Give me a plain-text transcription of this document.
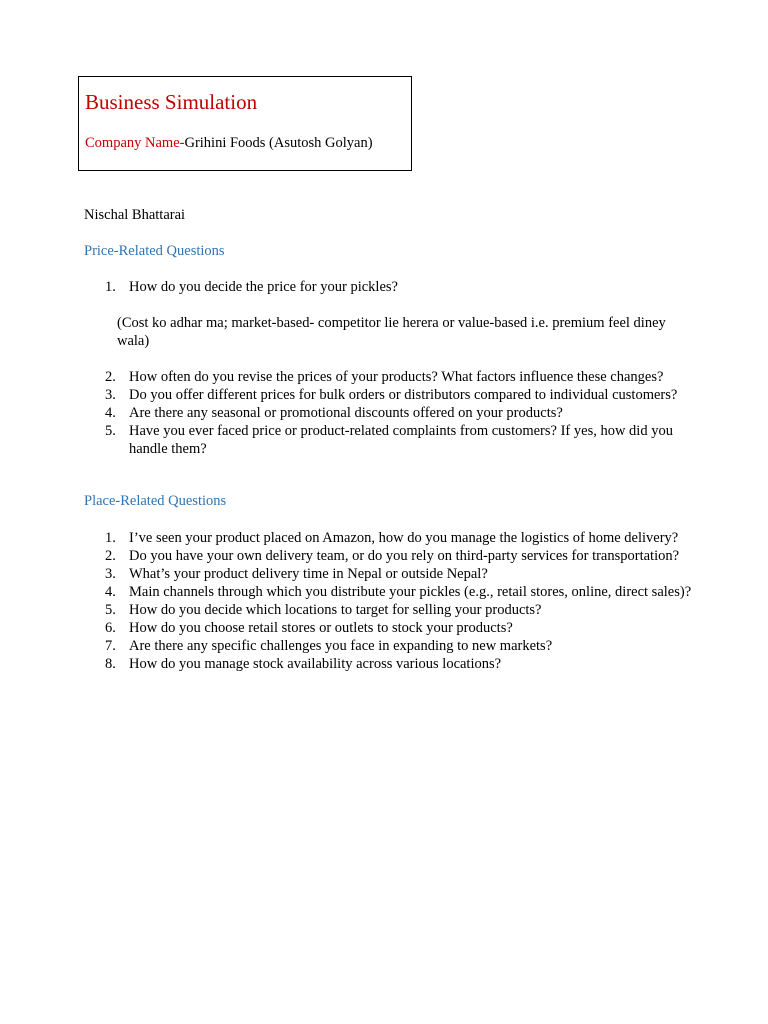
Business Simulation
Company Name-Grihini Foods (Asutosh Golyan)
Nischal Bhattarai
Price-Related Questions
1. How do you decide the price for your pickles?
(Cost ko adhar ma; market-based- competitor lie herera or value-based i.e. premium feel diney wala)
2. How often do you revise the prices of your products? What factors influence these changes?
3. Do you offer different prices for bulk orders or distributors compared to individual customers?
4. Are there any seasonal or promotional discounts offered on your products?
5. Have you ever faced price or product-related complaints from customers? If yes, how did you handle them?
Place-Related Questions
1. I’ve seen your product placed on Amazon, how do you manage the logistics of home delivery?
2. Do you have your own delivery team, or do you rely on third-party services for transportation?
3. What’s your product delivery time in Nepal or outside Nepal?
4. Main channels through which you distribute your pickles (e.g., retail stores, online, direct sales)?
5. How do you decide which locations to target for selling your products?
6. How do you choose retail stores or outlets to stock your products?
7. Are there any specific challenges you face in expanding to new markets?
8. How do you manage stock availability across various locations?
